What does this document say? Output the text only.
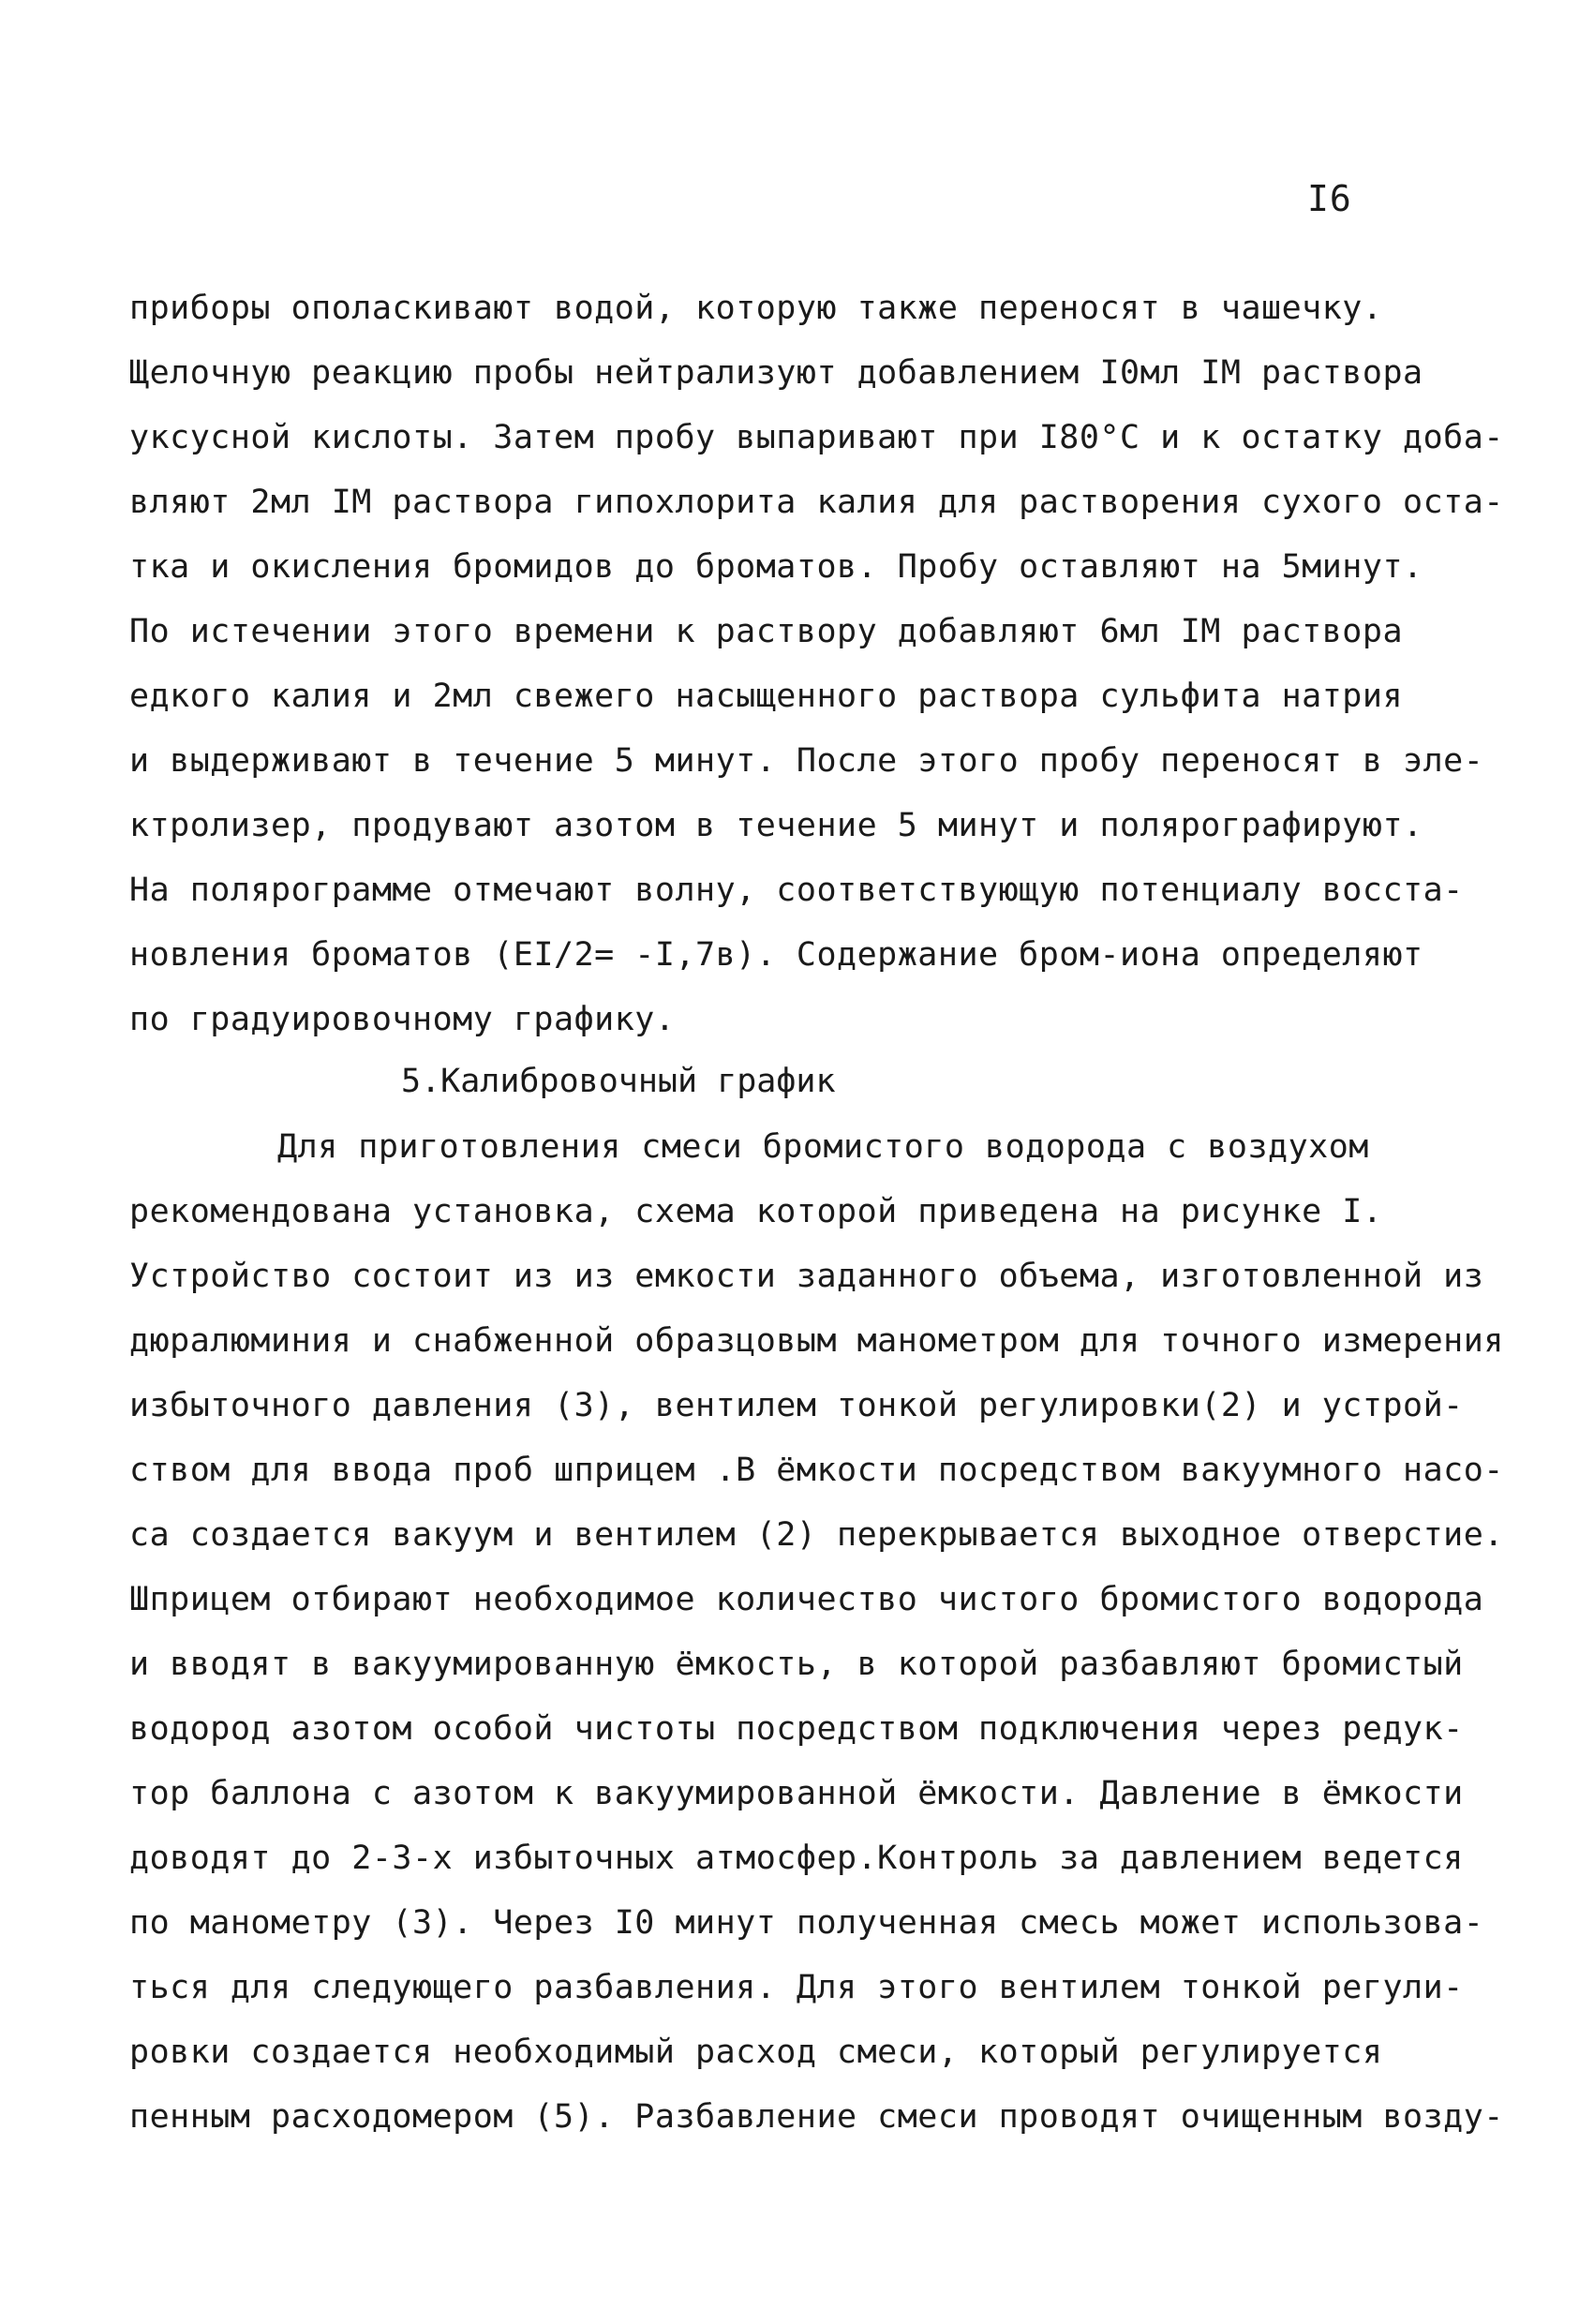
I6
приборы ополаскивают водой, которую также переносят в чашечку.
Щелочную реакцию пробы нейтрализуют добавлением I0мл IМ раствора
уксусной кислоты. Затем пробу выпаривают при I80°С и к остатку доба-
вляют 2мл IМ раствора гипохлорита калия для растворения сухого оста-
тка и окисления бромидов до броматов. Пробу оставляют на 5минут.
По истечении этого времени к раствору добавляют 6мл IМ раствора
едкого калия и 2мл свежего насыщенного раствора сульфита натрия
и выдерживают в течение 5 минут. После этого пробу переносят в эле-
ктролизер, продувают азотом в течение 5 минут и полярографируют.
На полярограмме отмечают волну, соответствующую потенциалу восста-
новления броматов (EI/2= -I,7в). Содержание бром-иона определяют
по градуировочному графику.
5.Калибровочный график
Для приготовления смеси бромистого водорода с воздухом
рекомендована установка, схема которой приведена на рисунке I.
Устройство состоит из из емкости заданного объема, изготовленной из
дюралюминия и снабженной образцовым манометром для точного измерения
избыточного давления (3), вентилем тонкой регулировки(2) и устрой-
ством для ввода проб шприцем .В ёмкости посредством вакуумного насо-
са создается вакуум и вентилем (2) перекрывается выходное отверстие.
Шприцем отбирают необходимое количество чистого бромистого водорода
и вводят в вакуумированную ёмкость, в которой разбавляют бромистый
водород азотом особой чистоты посредством подключения через редук-
тор баллона с азотом к вакуумированной ёмкости. Давление в ёмкости
доводят до 2-3-х избыточных атмосфер.Контроль за давлением ведется
по манометру (3). Через I0 минут полученная смесь может использова-
ться для следующего разбавления. Для этого вентилем тонкой регули-
ровки создается необходимый расход смеси, который регулируется
пенным расходомером (5). Разбавление смеси проводят очищенным возду-
